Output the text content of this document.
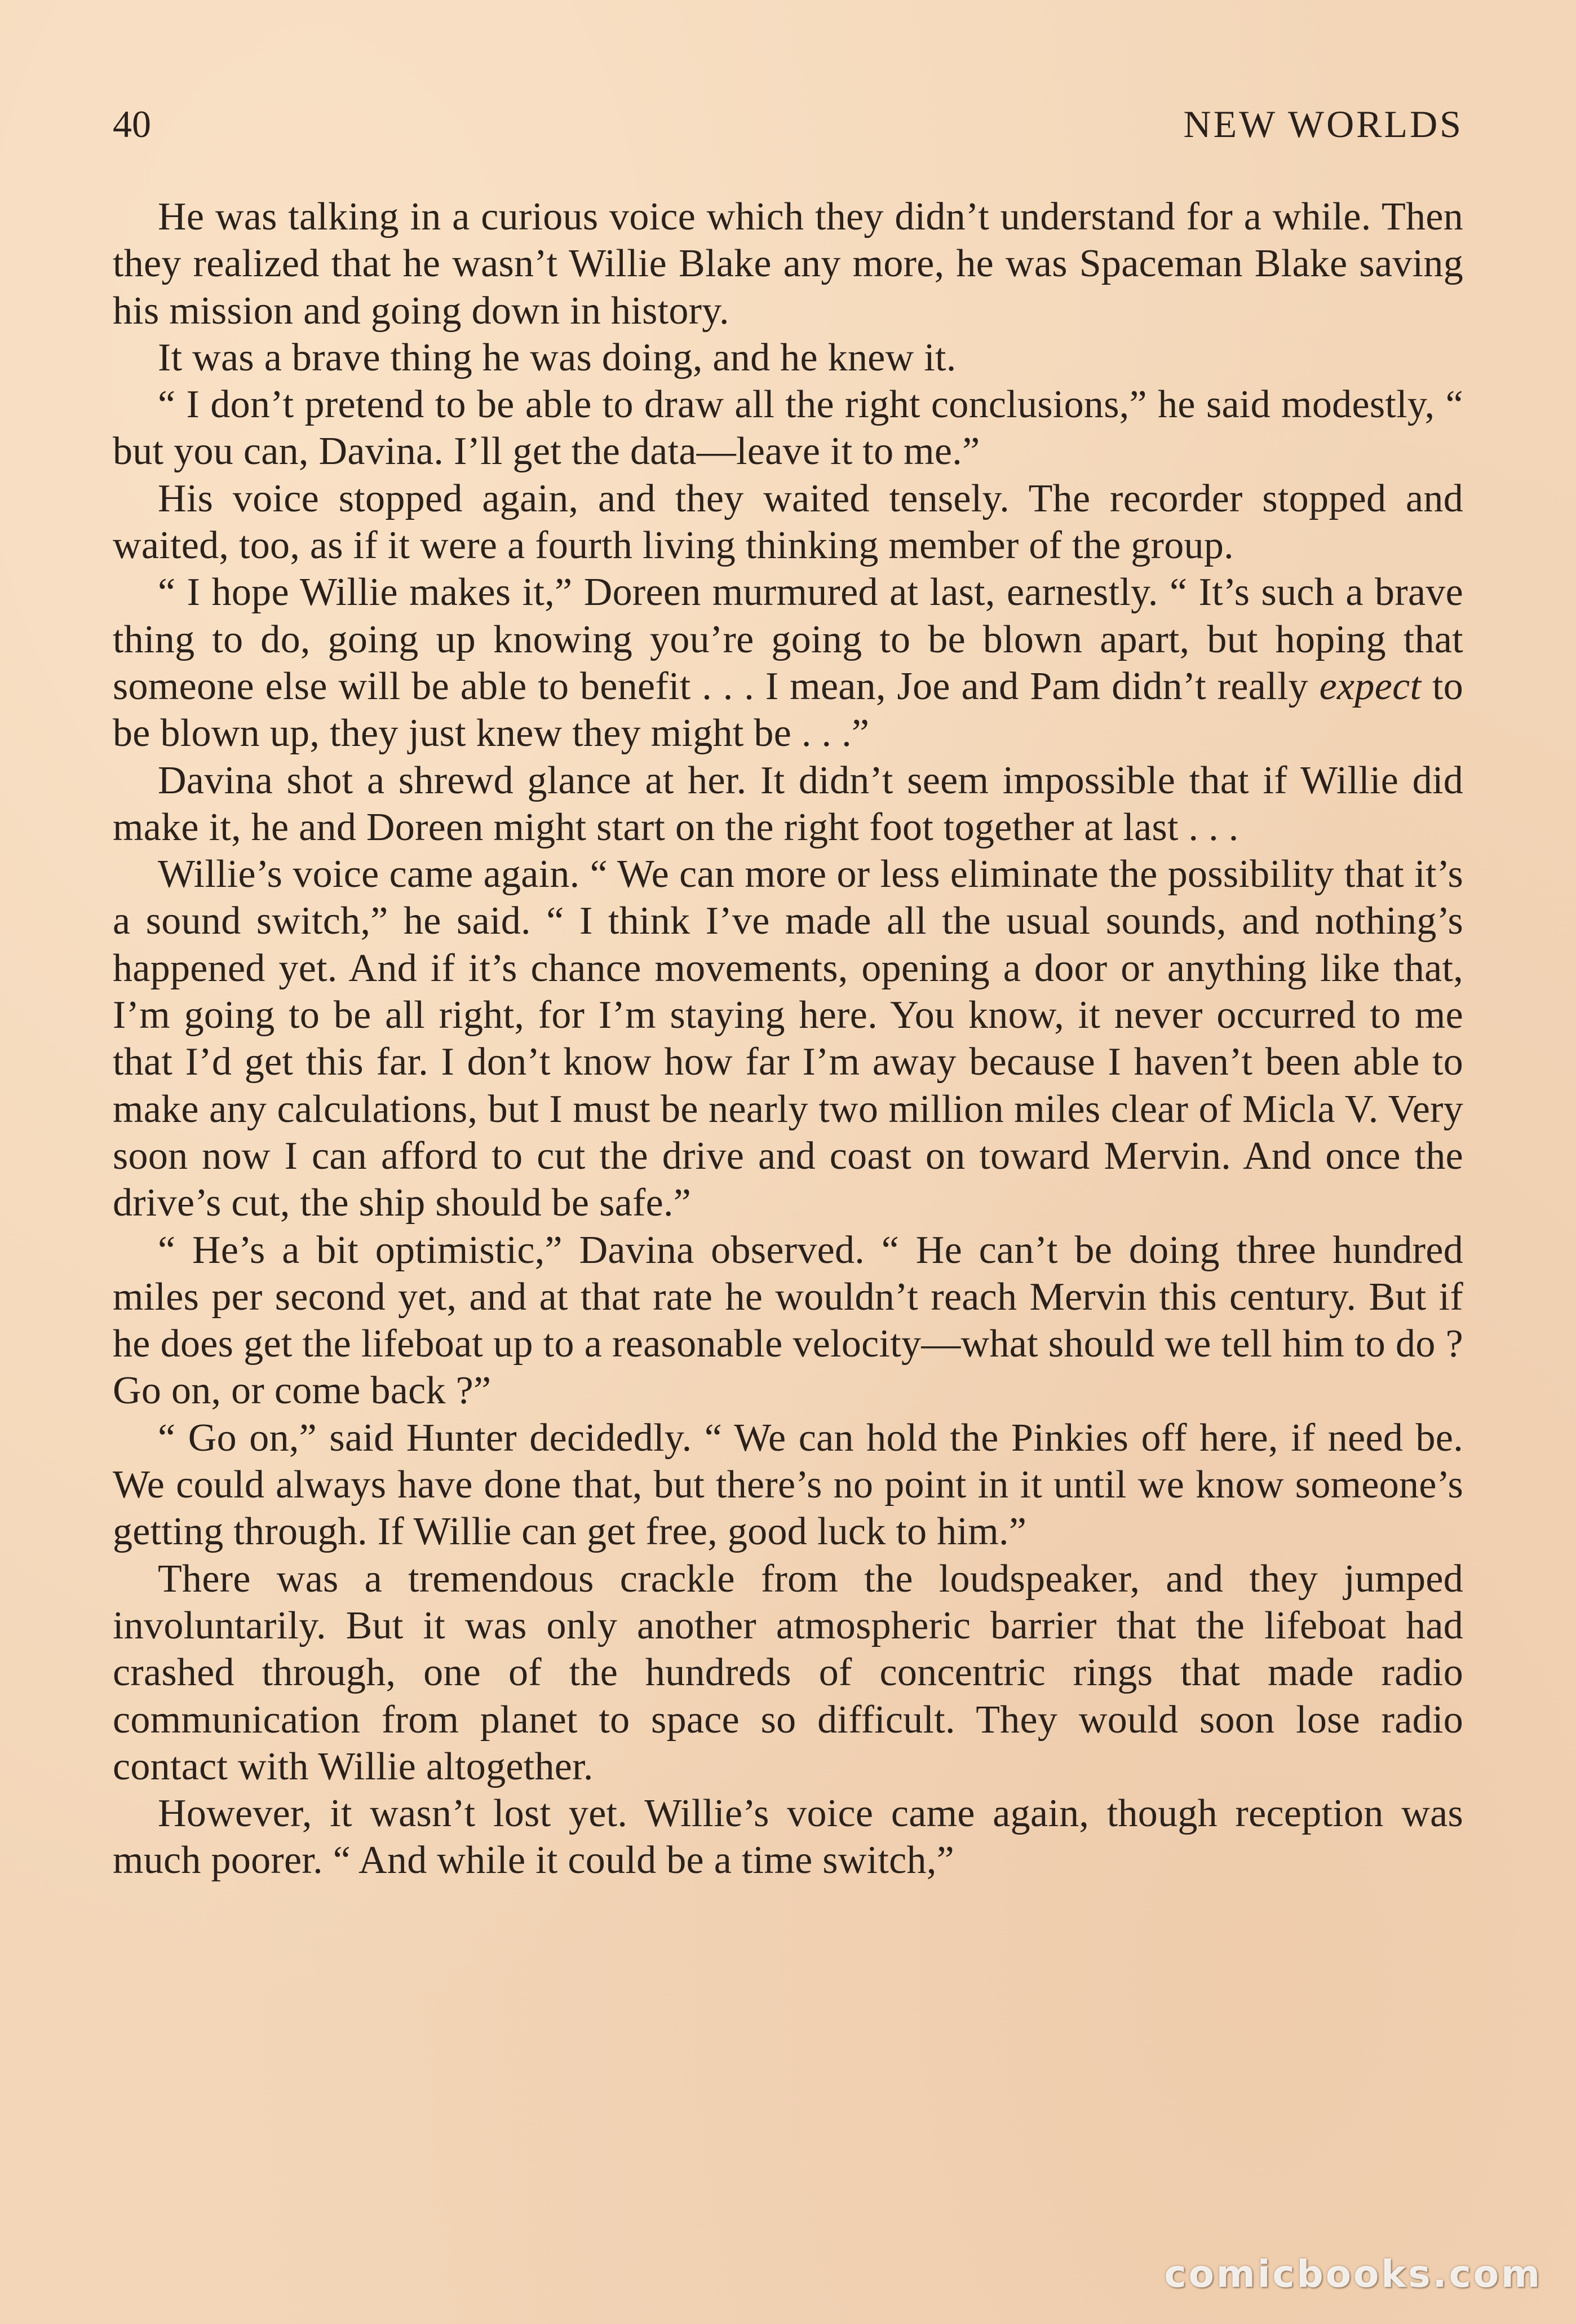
40	NEW WORLDS

He was talking in a curious voice which they didn’t understand for a while. Then they realized that he wasn’t Willie Blake any more, he was Spaceman Blake saving his mission and going down in history.

It was a brave thing he was doing, and he knew it.

“ I don’t pretend to be able to draw all the right conclusions,” he said modestly, “ but you can, Davina. I’ll get the data—leave it to me.”

His voice stopped again, and they waited tensely. The recorder stopped and waited, too, as if it were a fourth living thinking member of the group.

“ I hope Willie makes it,” Doreen murmured at last, earnestly. “ It’s such a brave thing to do, going up knowing you’re going to be blown apart, but hoping that someone else will be able to benefit . . . I mean, Joe and Pam didn’t really expect to be blown up, they just knew they might be . . .”

Davina shot a shrewd glance at her. It didn’t seem impossible that if Willie did make it, he and Doreen might start on the right foot together at last . . .

Willie’s voice came again. “ We can more or less eliminate the possibility that it’s a sound switch,” he said. “ I think I’ve made all the usual sounds, and nothing’s happened yet. And if it’s chance movements, opening a door or anything like that, I’m going to be all right, for I’m staying here. You know, it never occurred to me that I’d get this far. I don’t know how far I’m away because I haven’t been able to make any calculations, but I must be nearly two million miles clear of Micla V. Very soon now I can afford to cut the drive and coast on toward Mervin. And once the drive’s cut, the ship should be safe.”

“ He’s a bit optimistic,” Davina observed. “ He can’t be doing three hundred miles per second yet, and at that rate he wouldn’t reach Mervin this century. But if he does get the lifeboat up to a reasonable velocity—what should we tell him to do ? Go on, or come back ?”

“ Go on,” said Hunter decidedly. “ We can hold the Pinkies off here, if need be. We could always have done that, but there’s no point in it until we know someone’s getting through. If Willie can get free, good luck to him.”

There was a tremendous crackle from the loudspeaker, and they jumped involuntarily. But it was only another atmospheric barrier that the lifeboat had crashed through, one of the hundreds of concentric rings that made radio communication from planet to space so difficult. They would soon lose radio contact with Willie altogether.

However, it wasn’t lost yet. Willie’s voice came again, though reception was much poorer. “ And while it could be a time switch,”

comicbooks.com
